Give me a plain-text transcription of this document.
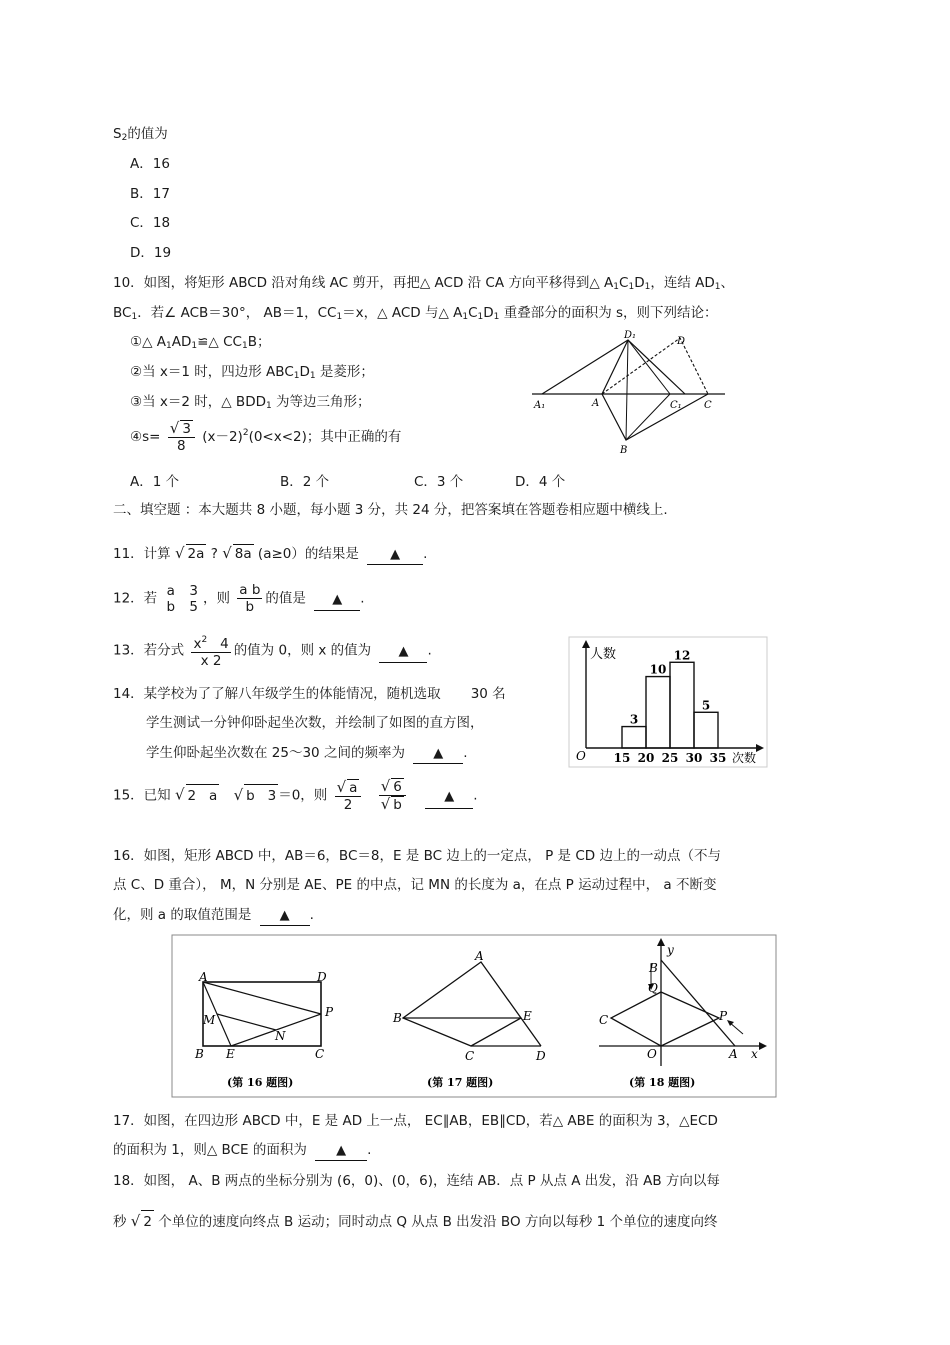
$S_2$的值为
A．16
B．17
C．18
D．19
10．如图，将矩形 ABCD 沿对角线 AC 剪开，再把△ ACD 沿 CA 方向平移得到△ $A_1C_1D_1$，连结 $AD_1$、
$BC_1$．若∠ ACB＝30°， AB＝1，$CC_1=x$，△ ACD 与△ $A_1C_1D_1$ 重叠部分的面积为 s，则下列结论：
①△ $A_1AD_1≌\triangle$ $CC_1B$；
②当 x＝1 时，四边形 $ABC_1D_1$ 是菱形；
③当 x＝2 时，△ $BDD_1$ 为等边三角形；
④s= $\frac{√ 3}{8} (x-2)^2(0<x<2)$；其中正确的有
A．1 个	B．2 个	C．3 个	D．4 个
D₁
D
A₁	A	C₁ C
B
二、填空题 ：本大题共 8 小题，每小题 3 分，共 24 分，把答案填在答题卷相应题中横线上.
11．计算 √ 2a ? √ 8a (a≥0）的结果是 ▲ .
12．若 a
b

3
5 ，则 $\frac{\text{a b}}{b}$ 的值是 ▲ .
13．若分式 $\frac{x^2 4}{x 2}$ 的值为 0，则 x 的值为 ▲ .
14．某学校为了了解八年级学生的体能情况，随机选取 30 名
学生测试一分钟仰卧起坐次数，并绘制了如图的直方图，
学生仰卧起坐次数在 25～30 之间的频率为 ▲ .
人数
次数
O
3
10
12
5
15 20 25 30 35
15．已知 √ 2   a √ b   3 ＝0，则 $\frac{√ a}{2}$
$\frac{√ 6}{√ b}$	▲ .
16．如图，矩形 ABCD 中，AB＝6，BC＝8，E 是 BC 边上的一定点， P 是 CD 边上的一动点（不与
点 C、D 重合）， M，N 分别是 AE、PE 的中点，记 MN 的长度为 a，在点 P 运动过程中， a 不断变
化，则 a 的取值范围是 ▲ .
A	D
M
N
P
B E	C
(第 16 题图)
A
B	E
C	D
(第 17 题图)
y
B
Q
C	P
O	A x
(第 18 题图)
17．如图，在四边形 ABCD 中，E 是 AD 上一点， EC∥AB，EB∥CD，若△ ABE 的面积为 3，△ECD
的面积为 1，则△ BCE 的面积为 ▲ .
18．如图， A、B 两点的坐标分别为 (6，0)、(0，6)，连结 AB．点 P 从点 A 出发，沿 AB 方向以每
秒 √ 2 个单位的速度向终点 B 运动；同时动点 Q 从点 B 出发沿 BO 方向以每秒 1 个单位的速度向终
